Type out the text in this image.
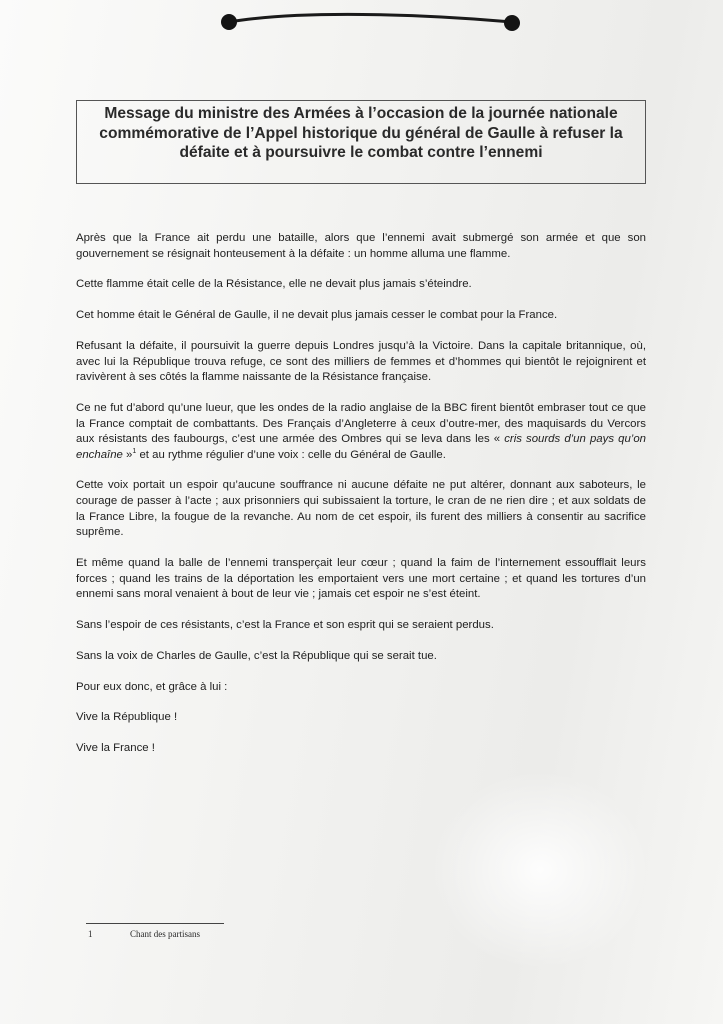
Message du ministre des Armées à l’occasion de la journée nationale commémorative de l’Appel historique du général de Gaulle à refuser la défaite et à poursuivre le combat contre l’ennemi

Après que la France ait perdu une bataille, alors que l’ennemi avait submergé son armée et que son gouvernement se résignait honteusement à la défaite : un homme alluma une flamme.

Cette flamme était celle de la Résistance, elle ne devait plus jamais s’éteindre.

Cet homme était le Général de Gaulle, il ne devait plus jamais cesser le combat pour la France.

Refusant la défaite, il poursuivit la guerre depuis Londres jusqu’à la Victoire. Dans la capitale britannique, où, avec lui la République trouva refuge, ce sont des milliers de femmes et d’hommes qui bientôt le rejoignirent et ravivèrent à ses côtés la flamme naissante de la Résistance française.

Ce ne fut d’abord qu’une lueur, que les ondes de la radio anglaise de la BBC firent bientôt embraser tout ce que la France comptait de combattants. Des Français d’Angleterre à ceux d’outre-mer, des maquisards du Vercors aux résistants des faubourgs, c’est une armée des Ombres qui se leva dans les « cris sourds d’un pays qu’on enchaîne »$^1$ et au rythme régulier d’une voix : celle du Général de Gaulle.

Cette voix portait un espoir qu’aucune souffrance ni aucune défaite ne put altérer, donnant aux saboteurs, le courage de passer à l’acte ; aux prisonniers qui subissaient la torture, le cran de ne rien dire ; et aux soldats de la France Libre, la fougue de la revanche. Au nom de cet espoir, ils furent des milliers à consentir au sacrifice suprême.

Et même quand la balle de l’ennemi transperçait leur cœur ; quand la faim de l’internement essoufflait leurs forces ; quand les trains de la déportation les emportaient vers une mort certaine ; et quand les tortures d’un ennemi sans moral venaient à bout de leur vie ; jamais cet espoir ne s’est éteint.

Sans l’espoir de ces résistants, c’est la France et son esprit qui se seraient perdus.

Sans la voix de Charles de Gaulle, c’est la République qui se serait tue.

Pour eux donc, et grâce à lui :

Vive la République !

Vive la France !

1	Chant des partisans
